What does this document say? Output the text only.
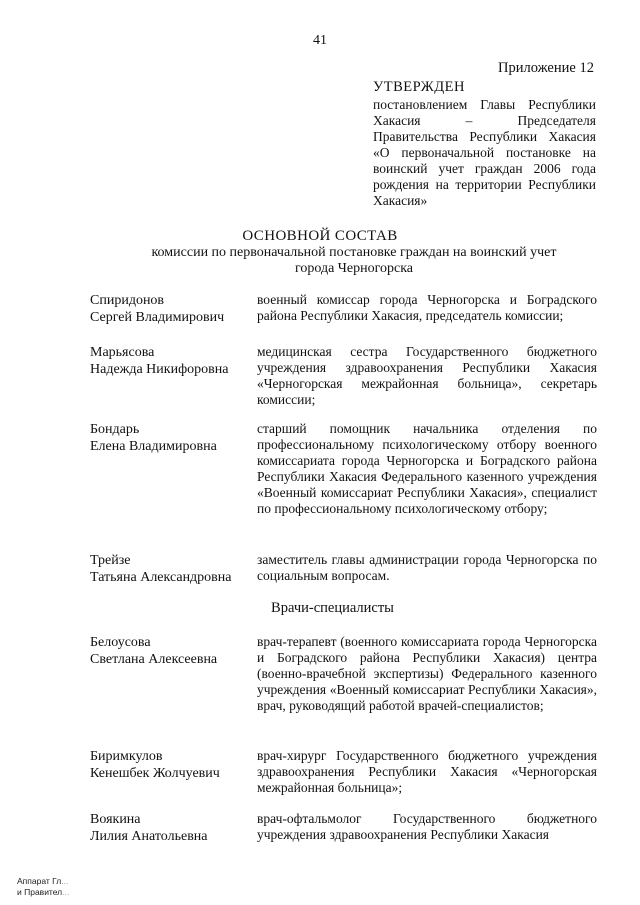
41
Приложение 12
УТВЕРЖДЕН
постановлением Главы Республики Хакасия – Председателя Правительства Республики Хакасия «О первоначальной постановке на воинский учет граждан 2006 года рождения на территории Республики Хакасия»
ОСНОВНОЙ СОСТАВ
комиссии по первоначальной постановке граждан на воинский учет города Черногорска
Спиридонов
Сергей Владимирович
военный комиссар города Черногорска и Боградского района Республики Хакасия, председатель комиссии;
Марьясова
Надежда Никифоровна
медицинская сестра Государственного бюджетного учреждения здравоохранения Республики Хакасия «Черногорская межрайонная больница», секретарь комиссии;
Бондарь
Елена Владимировна
старший помощник начальника отделения по профессиональному психологическому отбору военного комиссариата города Черногорска и Боградского района Республики Хакасия Федерального казенного учреждения «Военный комиссариат Республики Хакасия», специалист по профессиональному психологическому отбору;
Трейзе
Татьяна Александровна
заместитель главы администрации города Черногорска по социальным вопросам.
Врачи-специалисты
Белоусова
Светлана Алексеевна
врач-терапевт (военного комиссариата города Черногорска и Боградского района Республики Хакасия) центра (военно-врачебной экспертизы) Федерального казенного учреждения «Военный комиссариат Республики Хакасия», врач, руководящий работой врачей-специалистов;
Биримкулов
Кенешбек Жолчуевич
врач-хирург Государственного бюджетного учреждения здравоохранения Республики Хакасия «Черногорская межрайонная больница»;
Воякина
Лилия Анатольевна
врач-офтальмолог Государственного бюджетного учреждения здравоохранения Республики Хакасия
Аппарат Гл...
и Правител...
